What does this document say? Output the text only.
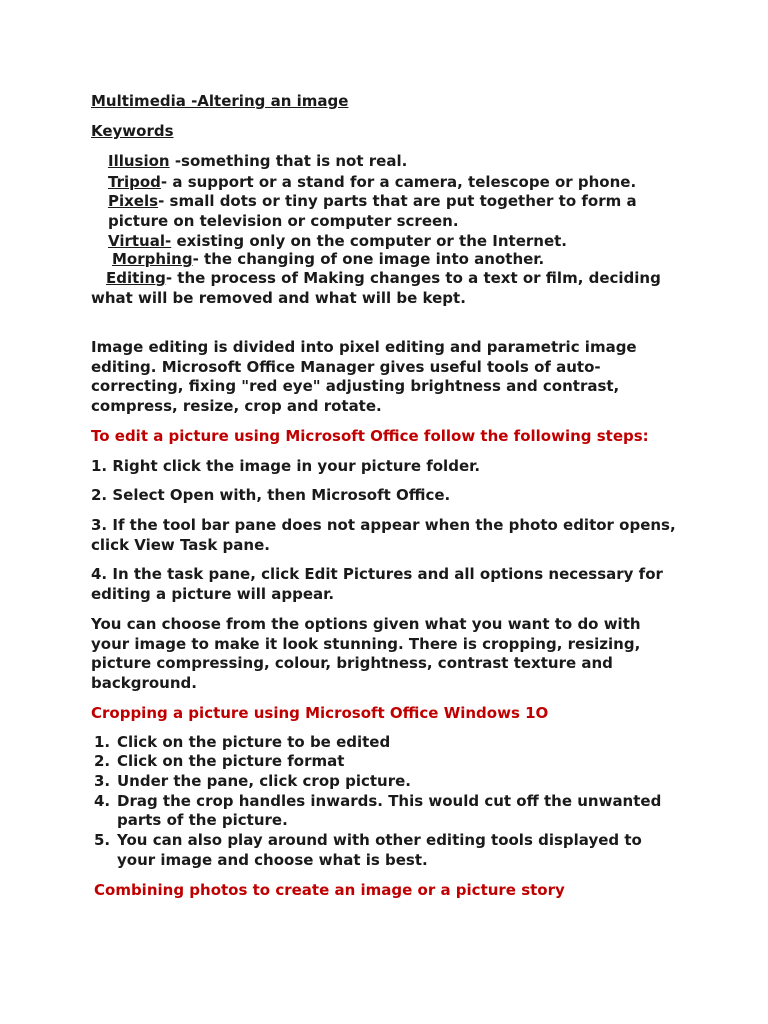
Multimedia -Altering an image
Keywords
Illusion -something that is not real.
Tripod- a support or a stand for a camera, telescope or phone.
Pixels- small dots or tiny parts that are put together to form a
picture on television or computer screen.
Virtual- existing only on the computer or the Internet.
Morphing- the changing of one image into another.
Editing- the process of Making changes to a text or film, deciding
what will be removed and what will be kept.
Image editing is divided into pixel editing and parametric image
editing. Microsoft Office Manager gives useful tools of auto-
correcting, fixing "red eye" adjusting brightness and contrast,
compress, resize, crop and rotate.
To edit a picture using Microsoft Office follow the following steps:
1. Right click the image in your picture folder.
2. Select Open with, then Microsoft Office.
3. If the tool bar pane does not appear when the photo editor opens,
click View Task pane.
4. In the task pane, click Edit Pictures and all options necessary for
editing a picture will appear.
You can choose from the options given what you want to do with
your image to make it look stunning. There is cropping, resizing,
picture compressing, colour, brightness, contrast texture and
background.
Cropping a picture using Microsoft Office Windows 1O
1. Click on the picture to be edited
2. Click on the picture format
3. Under the pane, click crop picture.
4. Drag the crop handles inwards. This would cut off the unwanted
parts of the picture.
5. You can also play around with other editing tools displayed to
your image and choose what is best.
Combining photos to create an image or a picture story
